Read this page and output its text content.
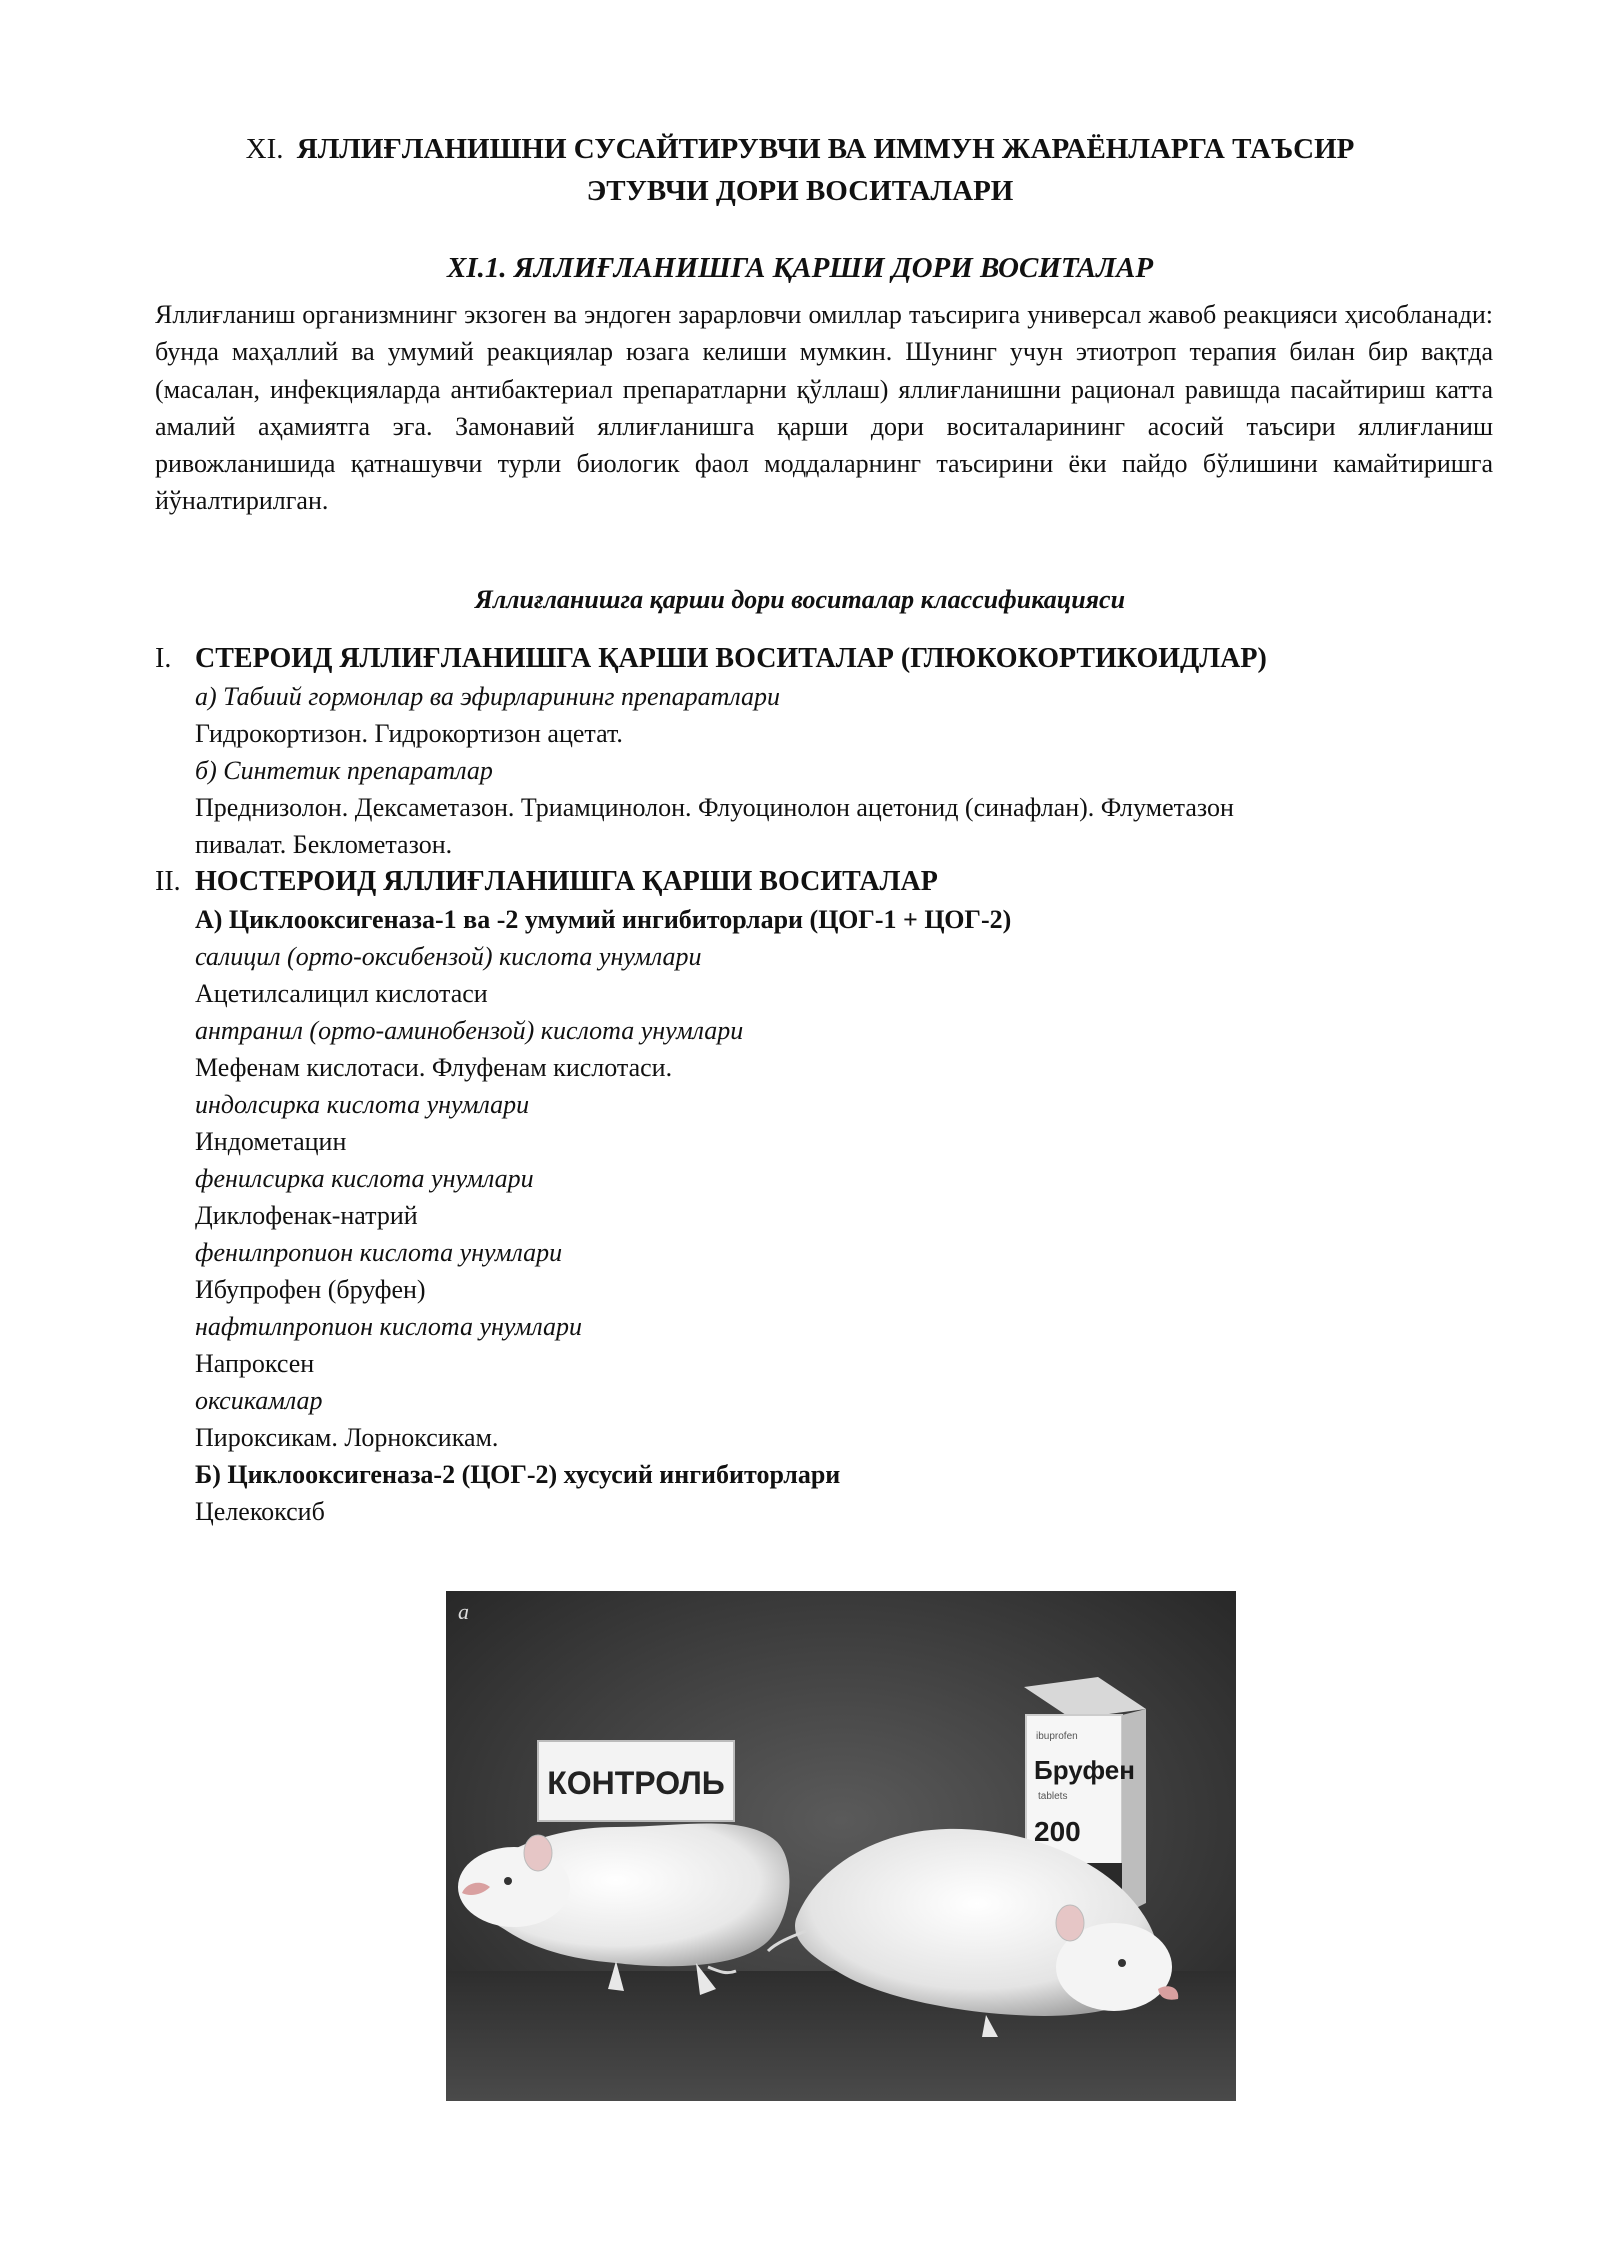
XI. ЯЛЛИҒЛАНИШНИ СУСАЙТИРУВЧИ ВА ИММУН ЖАРАЁНЛАРГА ТАЪСИР
ЭТУВЧИ ДОРИ ВОСИТАЛАРИ
XI.1. ЯЛЛИҒЛАНИШГА ҚАРШИ ДОРИ ВОСИТАЛАР

Яллиғланиш организмнинг экзоген ва эндоген зарарловчи омиллар таъсирига универсал жавоб реакцияси ҳисобланади: бунда маҳаллий ва умумий реакциялар юзага келиши мумкин. Шунинг учун этиотроп терапия билан бир вақтда (масалан, инфекцияларда антибактериал препаратларни қўллаш) яллиғланишни рационал равишда пасайтириш катта амалий аҳамиятга эга. Замонавий яллиғланишга қарши дори воситаларининг асосий таъсири яллиғланиш ривожланишида қатнашувчи турли биологик фаол моддаларнинг таъсирини ёки пайдо бўлишини камайтиришга йўналтирилган.

Яллиғланишга қарши дори воситалар классификацияси
I. СТЕРОИД ЯЛЛИҒЛАНИШГА ҚАРШИ ВОСИТАЛАР (ГЛЮКОКОРТИКОИДЛАР)
а) Табиий гормонлар ва эфирларининг препаратлари
Гидрокортизон. Гидрокортизон ацетат.
б) Синтетик препаратлар
Преднизолон. Дексаметазон. Триамцинолон. Флуоцинолон ацетонид (синафлан). Флуметазон
пивалат. Беклометазон.
II. НОСТЕРОИД ЯЛЛИҒЛАНИШГА ҚАРШИ ВОСИТАЛАР
А) Циклооксигеназа-1 ва -2 умумий ингибиторлари (ЦОГ-1 + ЦОГ-2)
салицил (орто-оксибензой) кислота унумлари
Ацетилсалицил кислотаси
антранил (орто-аминобензой) кислота унумлари
Мефенам кислотаси. Флуфенам кислотаси.
индолсирка кислота унумлари
Индометацин
фенилсирка кислота унумлари
Диклофенак-натрий
фенилпропион кислота унумлари
Ибупрофен (бруфен)
нафтилпропион кислота унумлари
Напроксен
оксикамлар
Пироксикам. Лорноксикам.
Б) Циклооксигеназа-2 (ЦОГ-2) хусусий ингибиторлари
Целекоксиб
а
КОНТРОЛЬ
ibuprofen
Бруфен
tablets
200
